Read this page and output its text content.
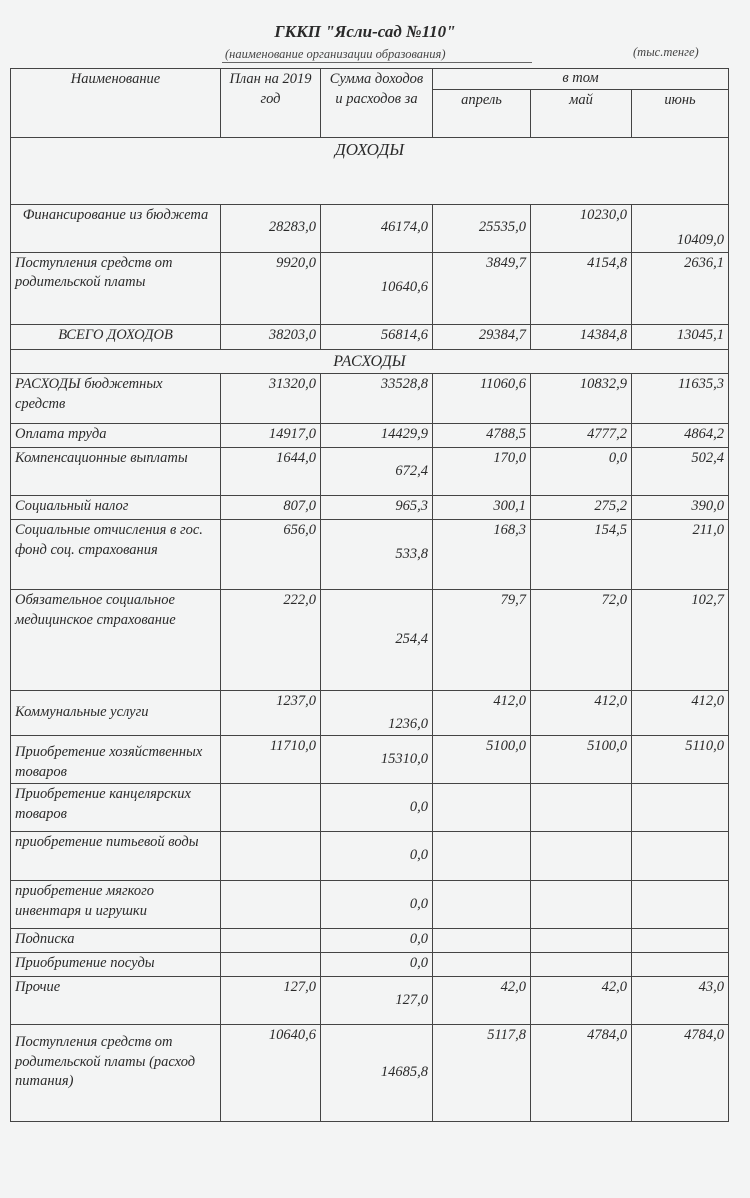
ГККП "Ясли-сад №110"
(наименование организации образования)	(тыс.тенге)
Наименование	План на 2019 год	Сумма доходов и расходов за	в том		
			апрель	май	июнь
ДОХОДЫ					
Финансирование из бюджета	28283,0	46174,0	25535,0	10230,0	10409,0
Поступления средств от родительской платы	9920,0	10640,6	3849,7	4154,8	2636,1
ВСЕГО ДОХОДОВ	38203,0	56814,6	29384,7	14384,8	13045,1
РАСХОДЫ					
РАСХОДЫ бюджетных средств	31320,0	33528,8	11060,6	10832,9	11635,3
Оплата труда	14917,0	14429,9	4788,5	4777,2	4864,2
Компенсационные выплаты	1644,0	672,4	170,0	0,0	502,4
Социальный налог	807,0	965,3	300,1	275,2	390,0
Социальные отчисления в гос. фонд соц. страхования	656,0	533,8	168,3	154,5	211,0
Обязательное социальное медицинское страхование	222,0	254,4	79,7	72,0	102,7
Коммунальные услуги	1237,0	1236,0	412,0	412,0	412,0
Приобретение хозяйственных товаров	11710,0	15310,0	5100,0	5100,0	5110,0
Приобретение канцелярских товаров		0,0			
приобретение питьевой воды		0,0			
приобретение мягкого инвентаря и игрушки		0,0			
Подписка		0,0			
Приобритение посуды		0,0			
Прочие	127,0	127,0	42,0	42,0	43,0
Поступления средств от родительской платы (расход питания)	10640,6	14685,8	5117,8	4784,0	4784,0
